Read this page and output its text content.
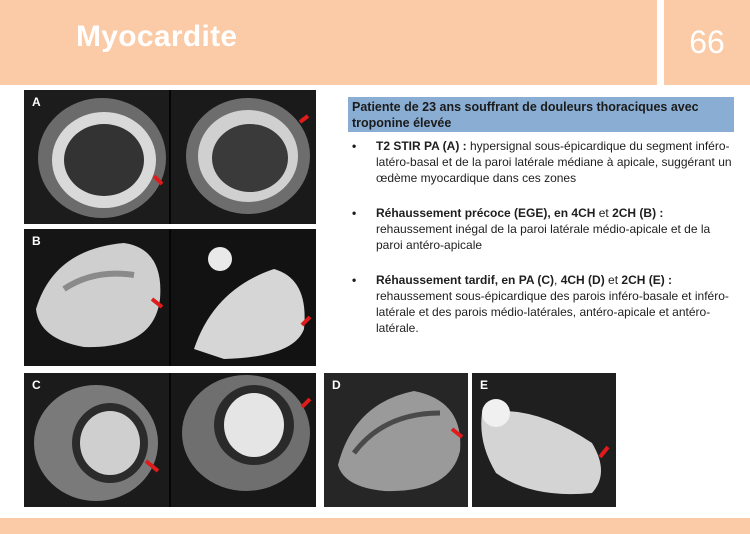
Myocardite	66
A
B
C	D	E
Patiente de 23 ans souffrant de douleurs thoraciques avec troponine élevée
• T2 STIR PA (A) : hypersignal sous-épicardique du segment inféro-latéro-basal et de la paroi latérale médiane à apicale, suggérant un œdème myocardique dans ces zones
• Réhaussement précoce (EGE), en 4CH et 2CH (B) : rehaussement inégal de la paroi latérale médio-apicale et de la paroi antéro-apicale
• Réhaussement tardif, en PA (C), 4CH (D) et 2CH (E) : rehaussement sous-épicardique des parois inféro-basale et inféro-latérale et des parois médio-latérales, antéro-apicale et antéro-latérale.
